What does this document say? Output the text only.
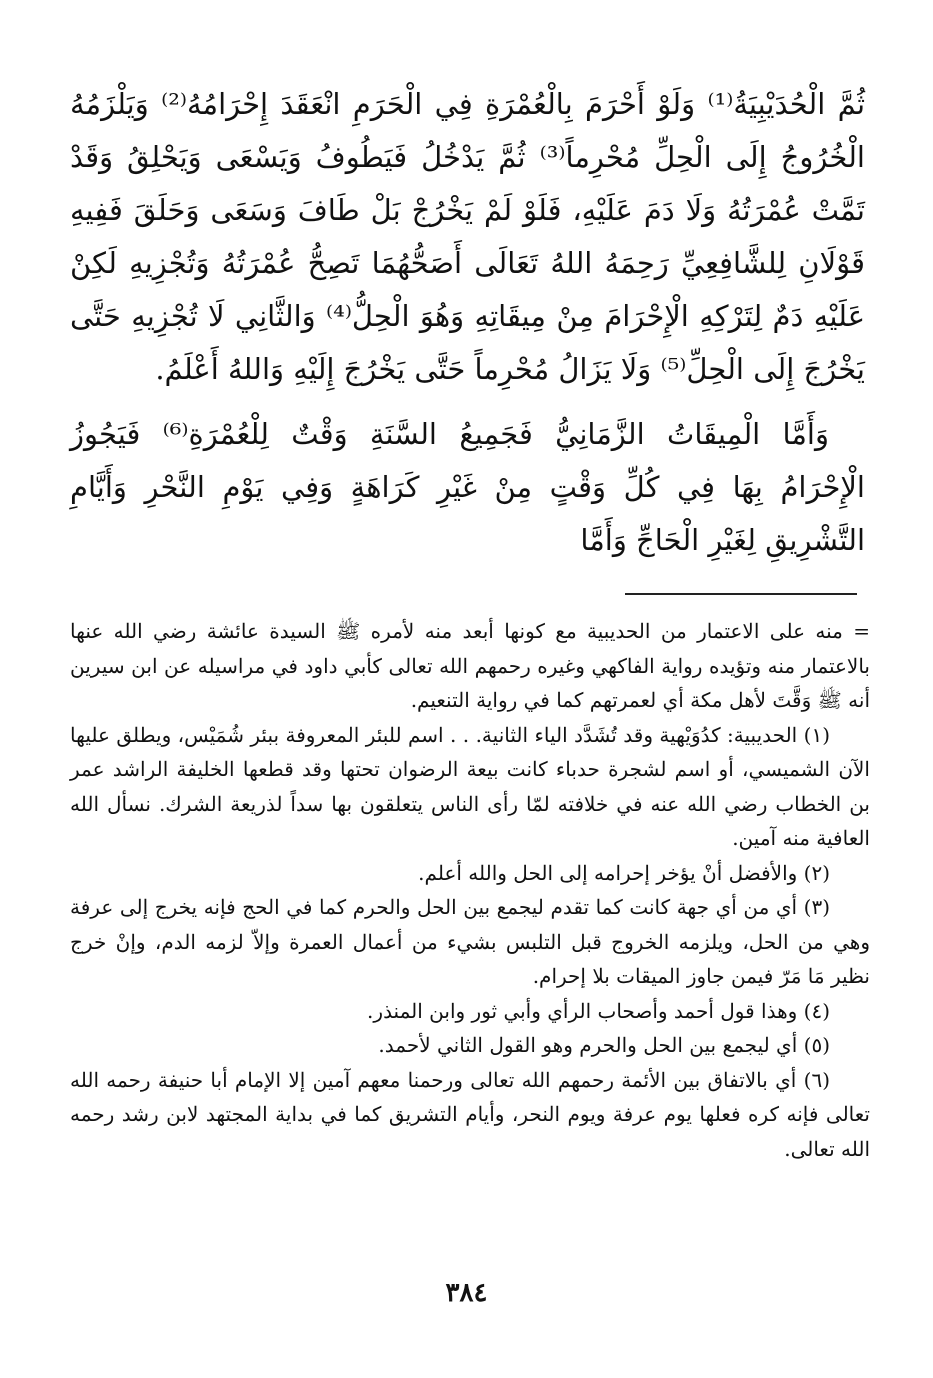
ثُمَّ الْحُدَيْبِيَةُ⁽¹⁾ وَلَوْ أَحْرَمَ بِالْعُمْرَةِ فِي الْحَرَمِ انْعَقَدَ إِحْرَامُهُ⁽²⁾ وَيَلْزَمُهُ الْخُرُوجُ إِلَى الْحِلِّ مُحْرِماً⁽³⁾ ثُمَّ يَدْخُلُ فَيَطُوفُ وَيَسْعَى وَيَحْلِقُ وَقَدْ تَمَّتْ عُمْرَتُهُ وَلَا دَمَ عَلَيْهِ، فَلَوْ لَمْ يَخْرُجْ بَلْ طَافَ وَسَعَى وَحَلَقَ فَفِيهِ قَوْلَانِ لِلشَّافِعِيِّ رَحِمَهُ اللهُ تَعَالَى أَصَحُّهُمَا تَصِحُّ عُمْرَتُهُ وَتُجْزِيهِ لَكِنْ عَلَيْهِ دَمٌ لِتَرْكِهِ الْإِحْرَامَ مِنْ مِيقَاتِهِ وَهُوَ الْحِلُّ⁽⁴⁾ وَالثَّانِي لَا تُجْزِيهِ حَتَّى يَخْرُجَ إِلَى الْحِلِّ⁽⁵⁾ وَلَا يَزَالُ مُحْرِماً حَتَّى يَخْرُجَ إِلَيْهِ وَاللهُ أَعْلَمُ.

وَأَمَّا الْمِيقَاتُ الزَّمَانِيُّ فَجَمِيعُ السَّنَةِ وَقْتٌ لِلْعُمْرَةِ⁽⁶⁾ فَيَجُوزُ الْإِحْرَامُ بِهَا فِي كُلِّ وَقْتٍ مِنْ غَيْرِ كَرَاهَةٍ وَفِي يَوْمِ النَّحْرِ وَأَيَّامِ التَّشْرِيقِ لِغَيْرِ الْحَاجِّ وَأَمَّا

= منه على الاعتمار من الحديبية مع كونها أبعد منه لأمره ﷺ السيدة عائشة رضي الله عنها بالاعتمار منه وتؤيده رواية الفاكهي وغيره رحمهم الله تعالى كأبي داود في مراسيله عن ابن سيرين أنه ﷺ وَقَّتَ لأهل مكة أي لعمرتهم كما في رواية التنعيم.

(١) الحديبية: كدُوَيْهية وقد تُشَدَّد الياء الثانية. . . اسم للبئر المعروفة ببئر شُمَيْس، ويطلق عليها الآن الشميسي، أو اسم لشجرة حدباء كانت بيعة الرضوان تحتها وقد قطعها الخليفة الراشد عمر بن الخطاب رضي الله عنه في خلافته لمّا رأى الناس يتعلقون بها سداً لذريعة الشرك. نسأل الله العافية منه آمين.

(٢) والأفضل أنْ يؤخر إحرامه إلى الحل والله أعلم.

(٣) أي من أي جهة كانت كما تقدم ليجمع بين الحل والحرم كما في الحج فإنه يخرج إلى عرفة وهي من الحل، ويلزمه الخروج قبل التلبس بشيء من أعمال العمرة وإلاّ لزمه الدم، وإنْ خرج نظير مَا مَرّ فيمن جاوز الميقات بلا إحرام.

(٤) وهذا قول أحمد وأصحاب الرأي وأبي ثور وابن المنذر.

(٥) أي ليجمع بين الحل والحرم وهو القول الثاني لأحمد.

(٦) أي بالاتفاق بين الأئمة رحمهم الله تعالى ورحمنا معهم آمين إلا الإمام أبا حنيفة رحمه الله تعالى فإنه كره فعلها يوم عرفة ويوم النحر، وأيام التشريق كما في بداية المجتهد لابن رشد رحمه الله تعالى.

٣٨٤
